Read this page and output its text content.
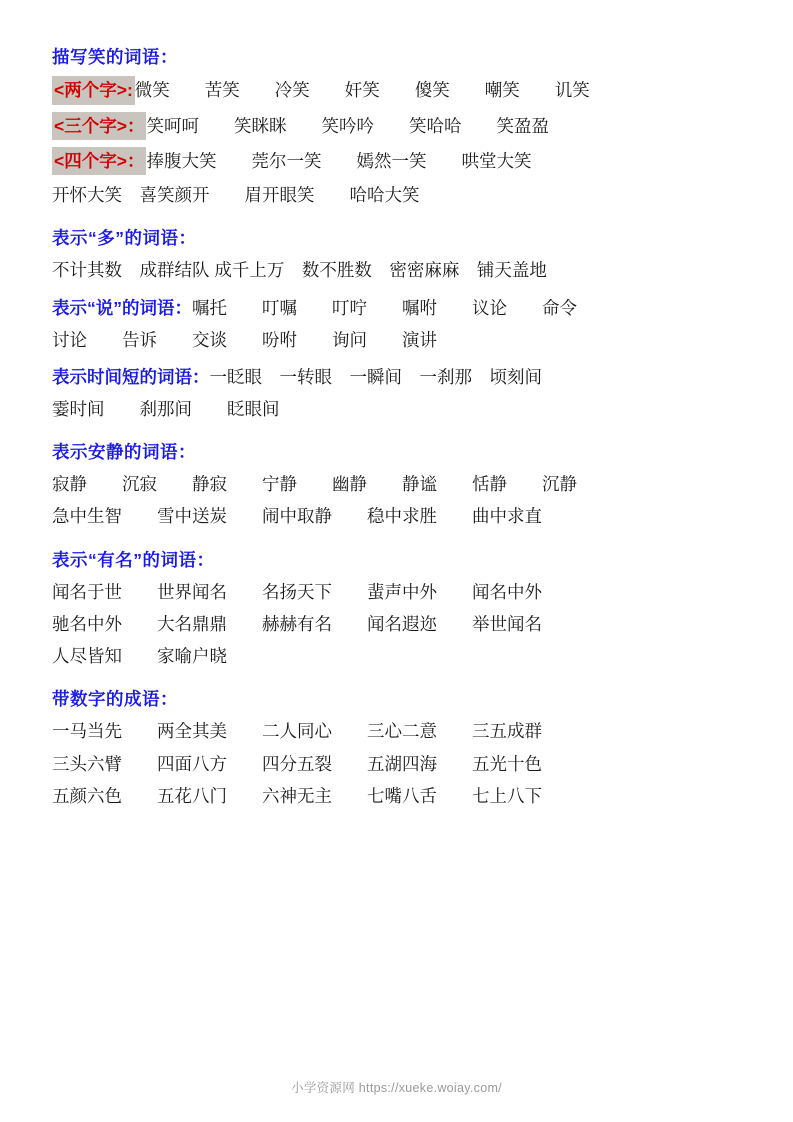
描写笑的词语：
<两个字>: 微笑　　苦笑　　冷笑　　奸笑　　傻笑　　嘲笑　　讥笑
<三个字>： 笑呵呵　　笑眯眯　　笑吟吟　　笑哈哈　　笑盈盈
<四个字>： 捧腹大笑　　莞尔一笑　　嫣然一笑　　哄堂大笑
开怀大笑　喜笑颜开　　眉开眼笑　　哈哈大笑
表示“多”的词语：
不计其数　成群结队 成千上万　数不胜数　密密麻麻　铺天盖地
表示“说”的词语： 嘱托　　叮嘱　　叮咛　　嘱咐　　议论　　命令
讨论　　告诉　　交谈　　吩咐　　询问　　演讲
表示时间短的词语： 一眨眼　一转眼　一瞬间　一刹那　顷刻间
霎时间　　刹那间　　眨眼间
表示安静的词语：
寂静　　沉寂　　静寂　　宁静　　幽静　　静谧　　恬静　　沉静
急中生智　　雪中送炭　　闹中取静　　稳中求胜　　曲中求直
表示“有名”的词语：
闻名于世　　世界闻名　　名扬天下　　蜚声中外　　闻名中外
驰名中外　　大名鼎鼎　　赫赫有名　　闻名遐迩　　举世闻名
人尽皆知　　家喻户晓
带数字的成语：
一马当先　　两全其美　　二人同心　　三心二意　　三五成群
三头六臂　　四面八方　　四分五裂　　五湖四海　　五光十色
五颜六色　　五花八门　　六神无主　　七嘴八舌　　七上八下
小学资源网 https://xueke.woiay.com/
